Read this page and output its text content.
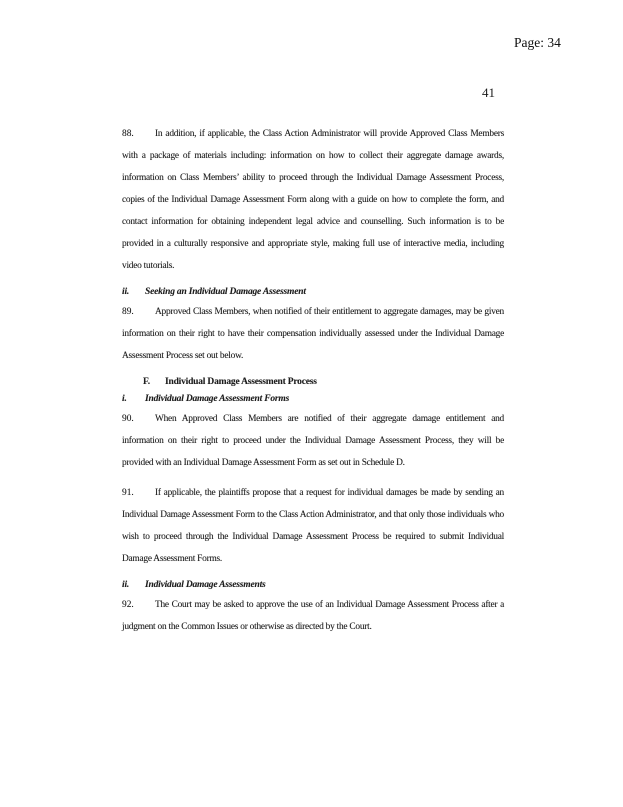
Page: 34
41
88. In addition, if applicable, the Class Action Administrator will provide Approved Class Members with a package of materials including: information on how to collect their aggregate damage awards, information on Class Members’ ability to proceed through the Individual Damage Assessment Process, copies of the Individual Damage Assessment Form along with a guide on how to complete the form, and contact information for obtaining independent legal advice and counselling. Such information is to be provided in a culturally responsive and appropriate style, making full use of interactive media, including video tutorials.
ii. Seeking an Individual Damage Assessment
89. Approved Class Members, when notified of their entitlement to aggregate damages, may be given information on their right to have their compensation individually assessed under the Individual Damage Assessment Process set out below.
F. Individual Damage Assessment Process
i. Individual Damage Assessment Forms
90. When Approved Class Members are notified of their aggregate damage entitlement and information on their right to proceed under the Individual Damage Assessment Process, they will be provided with an Individual Damage Assessment Form as set out in Schedule D.
91. If applicable, the plaintiffs propose that a request for individual damages be made by sending an Individual Damage Assessment Form to the Class Action Administrator, and that only those individuals who wish to proceed through the Individual Damage Assessment Process be required to submit Individual Damage Assessment Forms.
ii. Individual Damage Assessments
92. The Court may be asked to approve the use of an Individual Damage Assessment Process after a judgment on the Common Issues or otherwise as directed by the Court.
